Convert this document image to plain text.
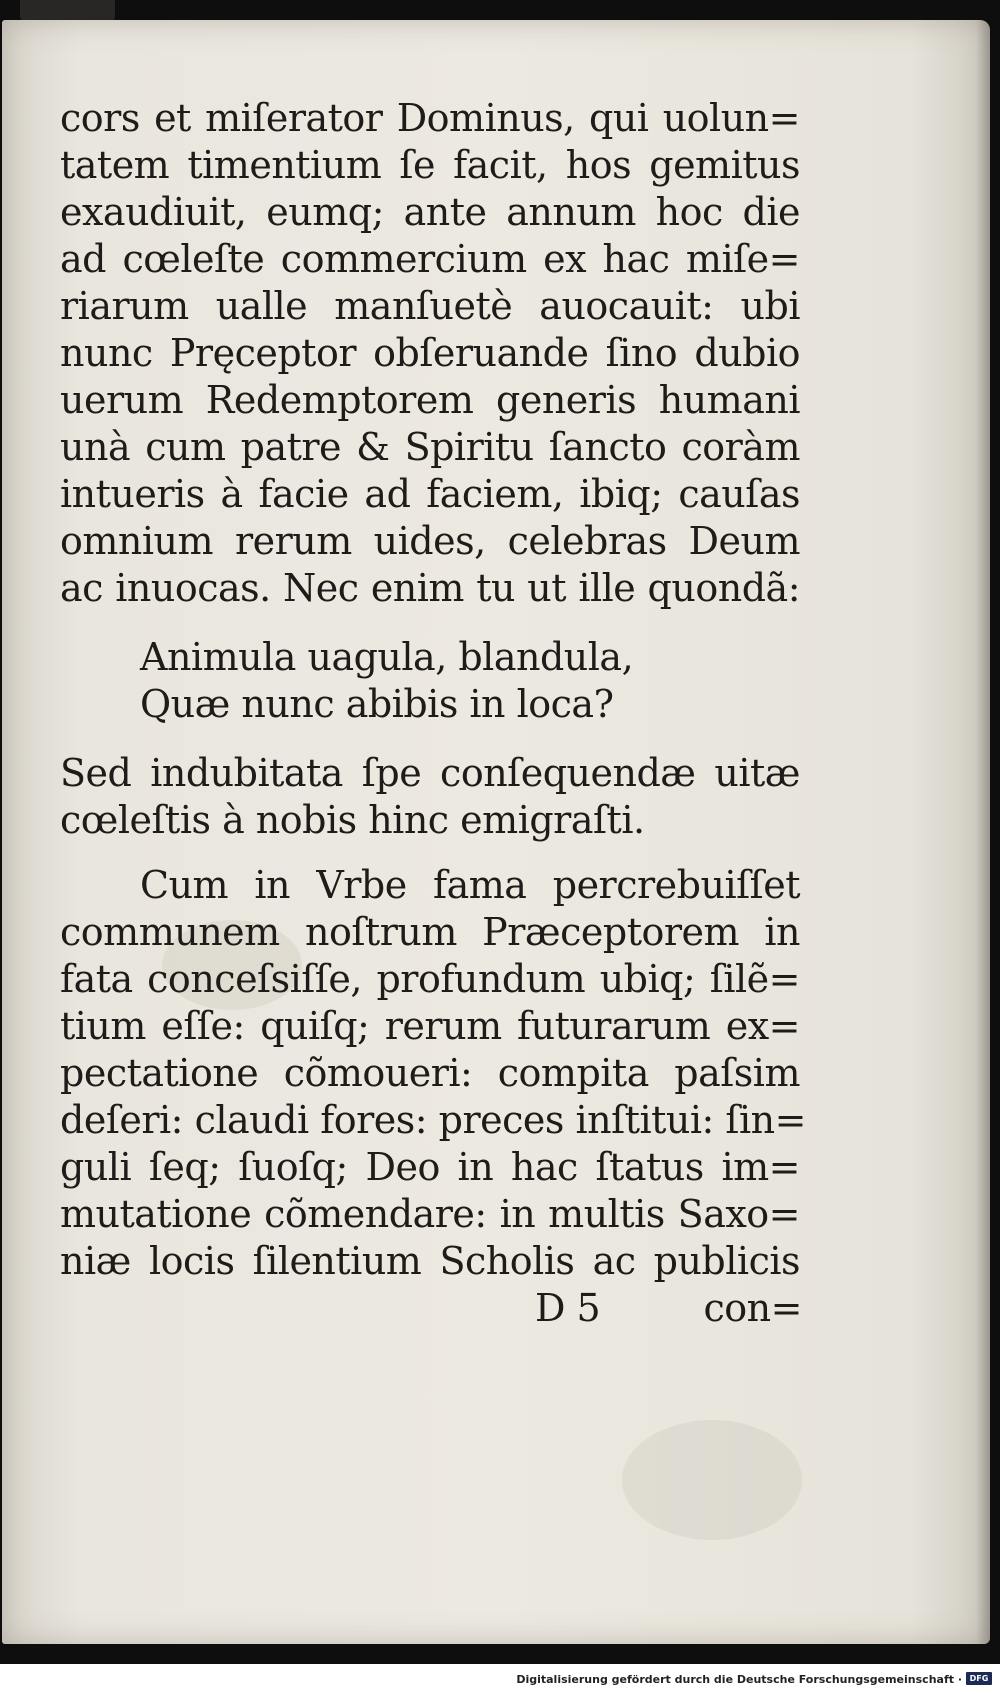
cors et miſerator Dominus, qui uolun=
tatem timentium ſe facit, hos gemitus
exaudiuit, eumq; ante annum hoc die
ad cœleſte commercium ex hac miſe=
riarum ualle manſuetè auocauit: ubi
nunc Pręceptor obſeruande ſino dubio
uerum Redemptorem generis humani
unà cum patre & Spiritu ſancto coràm
intueris à facie ad faciem, ibiq; cauſas
omnium rerum uides, celebras Deum
ac inuocas. Nec enim tu ut ille quondã:
Animula uagula, blandula,
Quæ nunc abibis in loca?
Sed indubitata ſpe conſequendæ uitæ
cœleſtis à nobis hinc emigraſti.
Cum in Vrbe fama percrebuiſſet
communem noſtrum Præceptorem in
fata conceſsiſſe, profundum ubiq; ſilẽ=
tium eſſe: quiſq; rerum futurarum ex=
pectatione cõmoueri: compita paſsim
deſeri: claudi fores: preces inſtitui: ſin=
guli ſeq; ſuoſq; Deo in hac ſtatus im=
mutatione cõmendare: in multis Saxo=
niæ locis ſilentium Scholis ac publicis
D 5	con=
Digitalisierung gefördert durch die Deutsche Forschungsgemeinschaft · DFG
